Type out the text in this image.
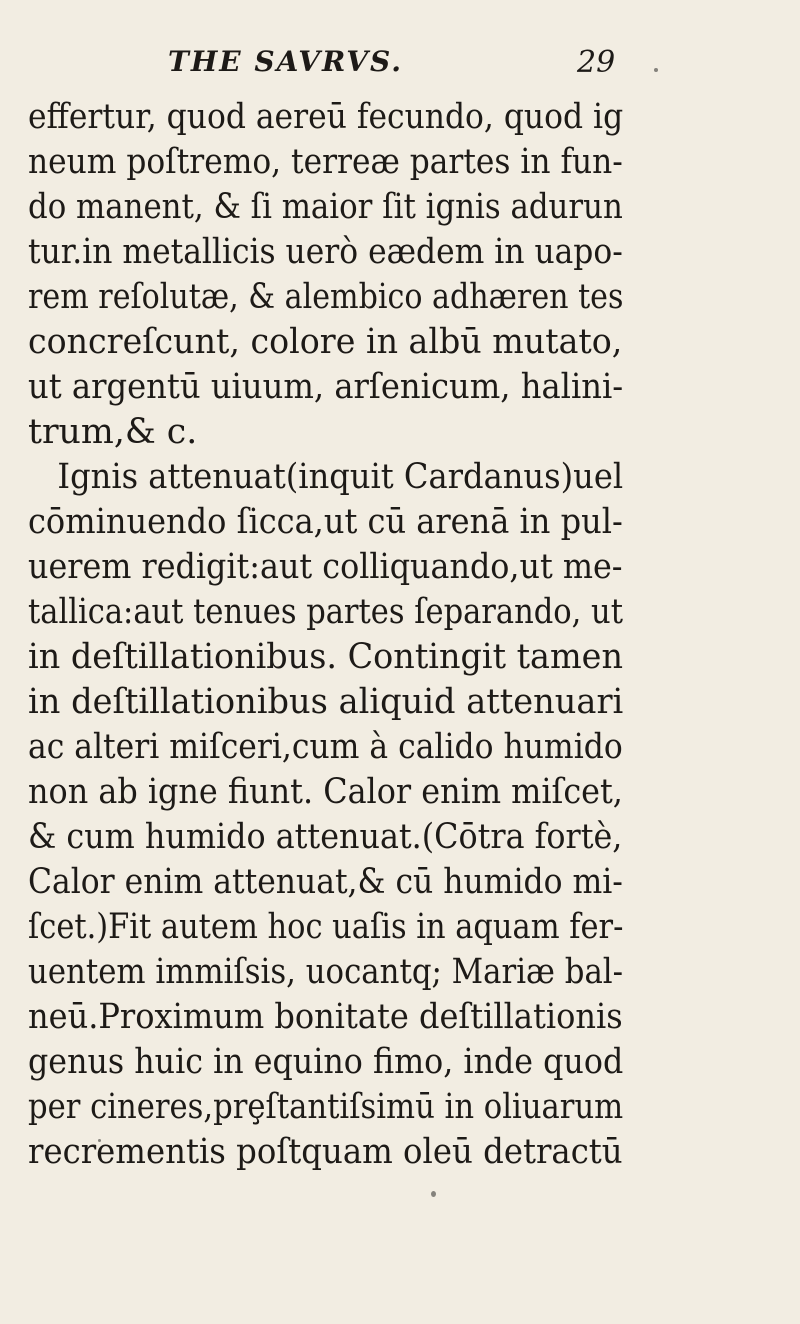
THE SAVRVS.	29
effertur, quod aereū fecundo, quod ig
neum poſtremo, terreæ partes in fun-
do manent, & ſi maior ſit ignis adurun
tur.in metallicis uerò eædem in uapo-
rem reſolutæ, & alembico adhæren tes
concreſcunt, colore in albū mutato,
ut argentū uiuum, arſenicum, halini-
trum,& c.
Ignis attenuat(inquit Cardanus)uel
cōminuendo ſicca,ut cū arenā in pul-
uerem redigit:aut colliquando,ut me-
tallica:aut tenues partes ſeparando, ut
in deſtillationibus. Contingit tamen
in deſtillationibus aliquid attenuari
ac alteri miſceri,cum à calido humido
non ab igne fiunt. Calor enim miſcet,
& cum humido attenuat.(Cōtra fortè,
Calor enim attenuat,& cū humido mi-
ſcet.)Fit autem hoc uaſis in aquam fer-
uentem immiſsis, uocantq; Mariæ bal-
neū.Proximum bonitate deſtillationis
genus huic in equino fimo, inde quod
per cineres,prȩſtantiſsimū in oliuarum
recrementis poſtquam oleū detractū
